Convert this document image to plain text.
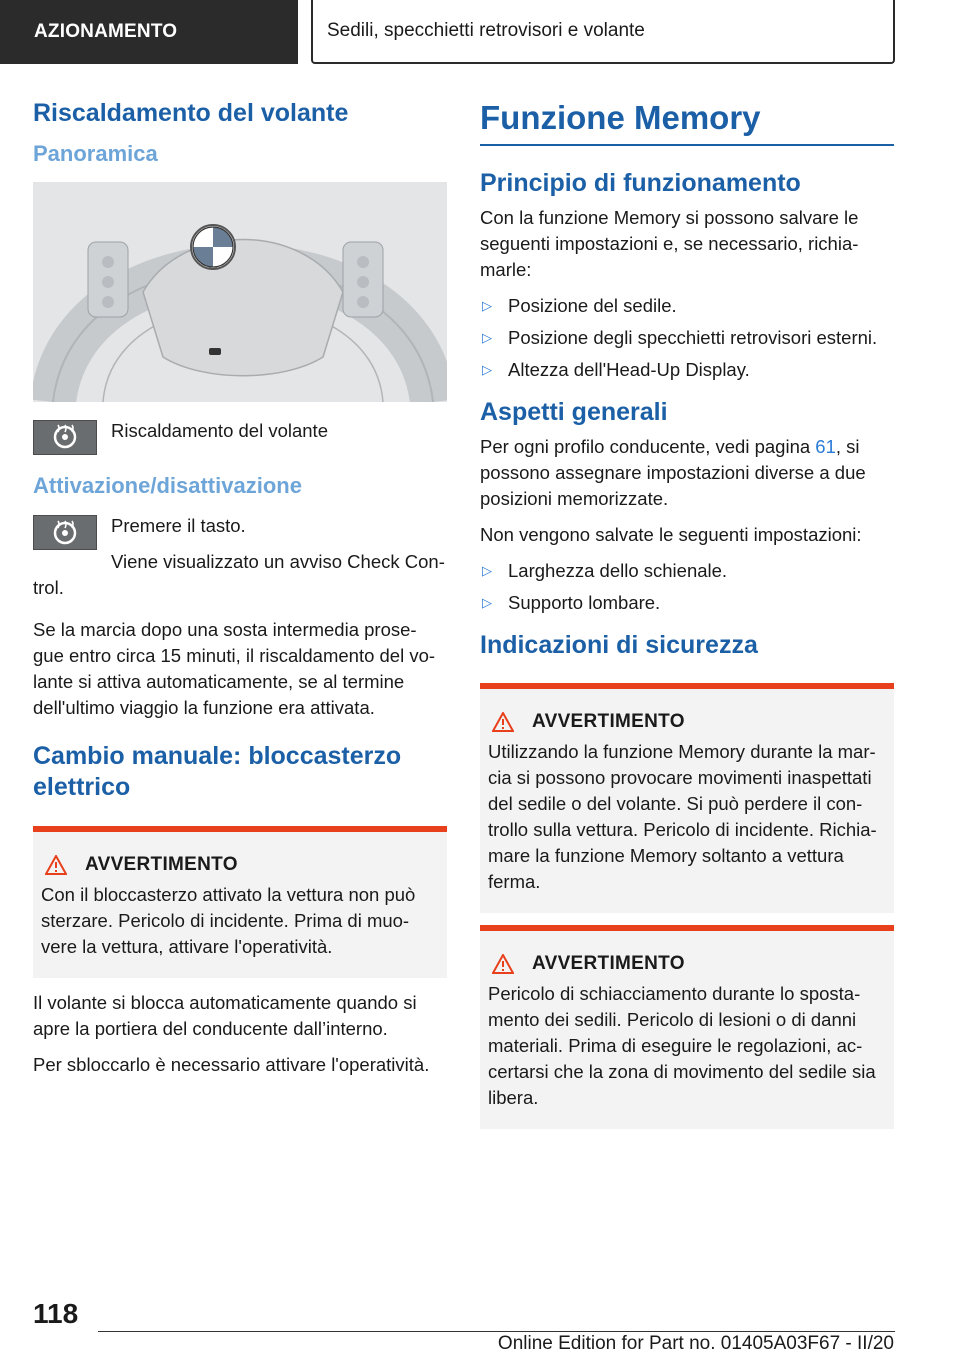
AZIONAMENTO	Sedili, specchietti retrovisori e volante
Riscaldamento del volante
Panoramica

Riscaldamento del volante

Attivazione/disattivazione

Premere il tasto.

Viene visualizzato un avviso Check Con-trol.

Se la marcia dopo una sosta intermedia prose-gue entro circa 15 minuti, il riscaldamento del vo-lante si attiva automaticamente, se al termine dell'ultimo viaggio la funzione era attivata.

Cambio manuale: bloccasterzo elettrico
AVVERTIMENTO

Con il bloccasterzo attivato la vettura non può sterzare. Pericolo di incidente. Prima di muo-vere la vettura, attivare l'operatività.

Il volante si blocca automaticamente quando si apre la portiera del conducente dall’interno.

Per sbloccarlo è necessario attivare l'operatività.

Funzione Memory
Principio di funzionamento

Con la funzione Memory si possono salvare le seguenti impostazioni e, se necessario, richia-marle:

▷ Posizione del sedile.
▷ Posizione degli specchietti retrovisori esterni.
▷ Altezza dell'Head-Up Display.
Aspetti generali

Per ogni profilo conducente, vedi pagina 61, si possono assegnare impostazioni diverse a due posizioni memorizzate.

Non vengono salvate le seguenti impostazioni:

▷ Larghezza dello schienale.
▷ Supporto lombare.
Indicazioni di sicurezza
AVVERTIMENTO

Utilizzando la funzione Memory durante la mar-cia si possono provocare movimenti inaspettati del sedile o del volante. Si può perdere il con-trollo sulla vettura. Pericolo di incidente. Richia-mare la funzione Memory soltanto a vettura ferma.

AVVERTIMENTO

Pericolo di schiacciamento durante lo sposta-mento dei sedili. Pericolo di lesioni o di danni materiali. Prima di eseguire le regolazioni, ac-certarsi che la zona di movimento del sedile sia libera.

118
Online Edition for Part no. 01405A03F67 - II/20
